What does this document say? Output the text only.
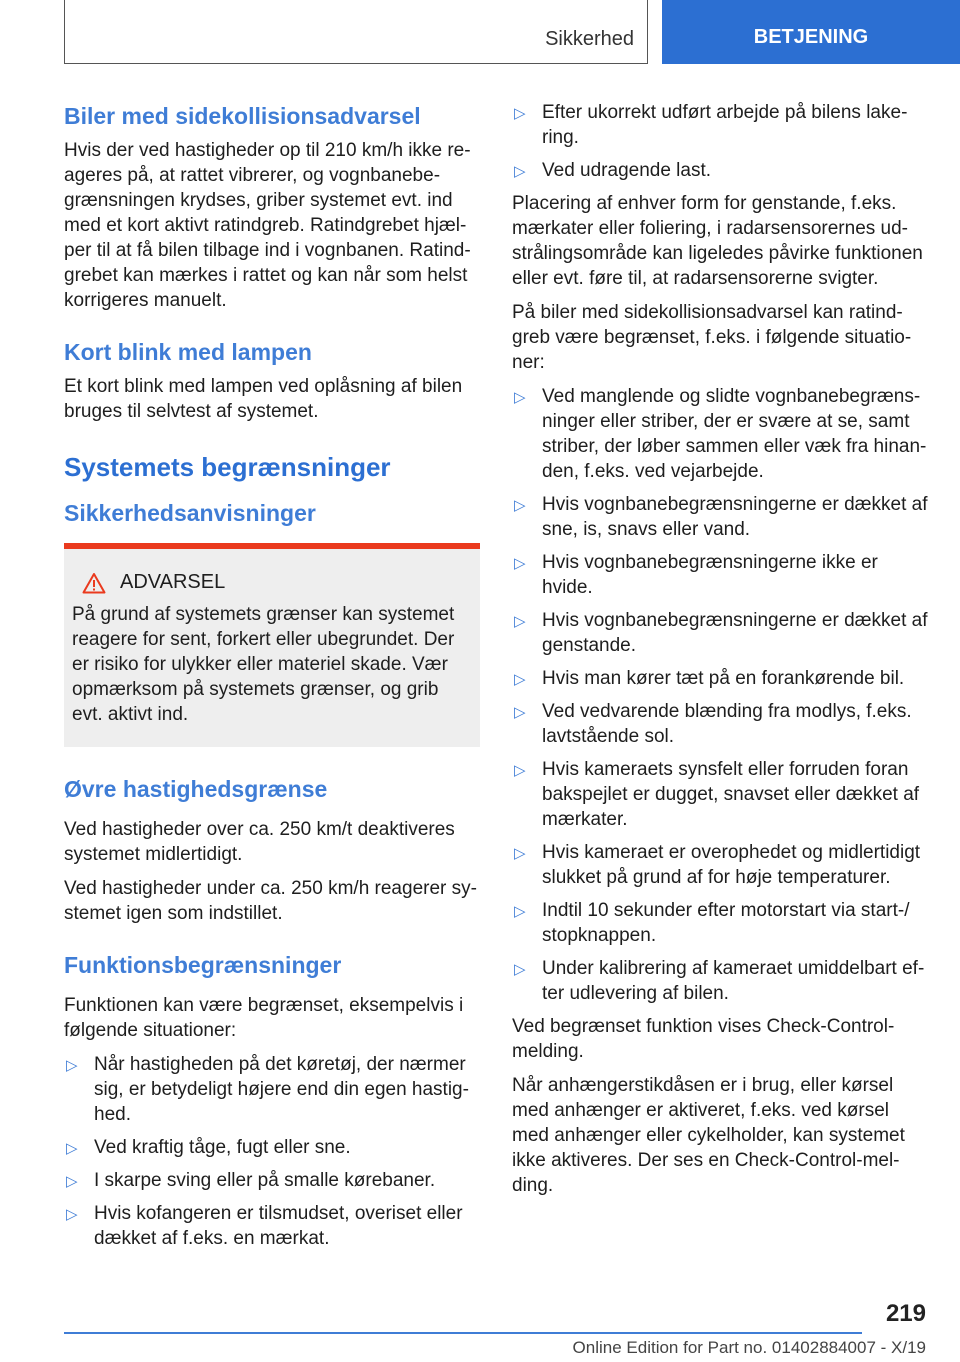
Sikkerhed	BETJENING
Biler med sidekollisionsadvarsel

Hvis der ved hastigheder op til 210 km/h ikke re-ageres på, at rattet vibrerer, og vognbanebe-grænsningen krydses, griber systemet evt. ind med et kort aktivt ratindgreb. Ratindgrebet hjæl-per til at få bilen tilbage ind i vognbanen. Ratind-grebet kan mærkes i rattet og kan når som helst korrigeres manuelt.

Kort blink med lampen

Et kort blink med lampen ved oplåsning af bilen bruges til selvtest af systemet.

Systemets begrænsninger
Sikkerhedsanvisninger
ADVARSEL

På grund af systemets grænser kan systemet reagere for sent, forkert eller ubegrundet. Der er risiko for ulykker eller materiel skade. Vær opmærksom på systemets grænser, og grib evt. aktivt ind.

Øvre hastighedsgrænse

Ved hastigheder over ca. 250 km/t deaktiveres systemet midlertidigt.

Ved hastigheder under ca. 250 km/h reagerer sy-stemet igen som indstillet.

Funktionsbegrænsninger

Funktionen kan være begrænset, eksempelvis i følgende situationer:

▷ Når hastigheden på det køretøj, der nærmer sig, er betydeligt højere end din egen hastig-hed.
▷ Ved kraftig tåge, fugt eller sne.
▷ I skarpe sving eller på smalle kørebaner.
▷ Hvis kofangeren er tilsmudset, overiset eller dækket af f.eks. en mærkat.
▷ Efter ukorrekt udført arbejde på bilens lake-ring.
▷ Ved udragende last.

Placering af enhver form for genstande, f.eks. mærkater eller foliering, i radarsensorernes ud-strålingsområde kan ligeledes påvirke funktionen eller evt. føre til, at radarsensorerne svigter.

På biler med sidekollisionsadvarsel kan ratind-greb være begrænset, f.eks. i følgende situatio-ner:

▷ Ved manglende og slidte vognbanebegræns-ninger eller striber, der er svære at se, samt striber, der løber sammen eller væk fra hinan-den, f.eks. ved vejarbejde.
▷ Hvis vognbanebegrænsningerne er dækket af sne, is, snavs eller vand.
▷ Hvis vognbanebegrænsningerne ikke er hvide.
▷ Hvis vognbanebegrænsningerne er dækket af genstande.
▷ Hvis man kører tæt på en forankørende bil.
▷ Ved vedvarende blænding fra modlys, f.eks. lavtstående sol.
▷ Hvis kameraets synsfelt eller forruden foran bakspejlet er dugget, snavset eller dækket af mærkater.
▷ Hvis kameraet er overophedet og midlertidigt slukket på grund af for høje temperaturer.
▷ Indtil 10 sekunder efter motorstart via start-/ stopknappen.
▷ Under kalibrering af kameraet umiddelbart ef-ter udlevering af bilen.

Ved begrænset funktion vises Check-Control-melding.

Når anhængerstikdåsen er i brug, eller kørsel med anhænger er aktiveret, f.eks. ved kørsel med anhænger eller cykelholder, kan systemet ikke aktiveres. Der ses en Check-Control-mel-ding.

219
Online Edition for Part no. 01402884007 - X/19
